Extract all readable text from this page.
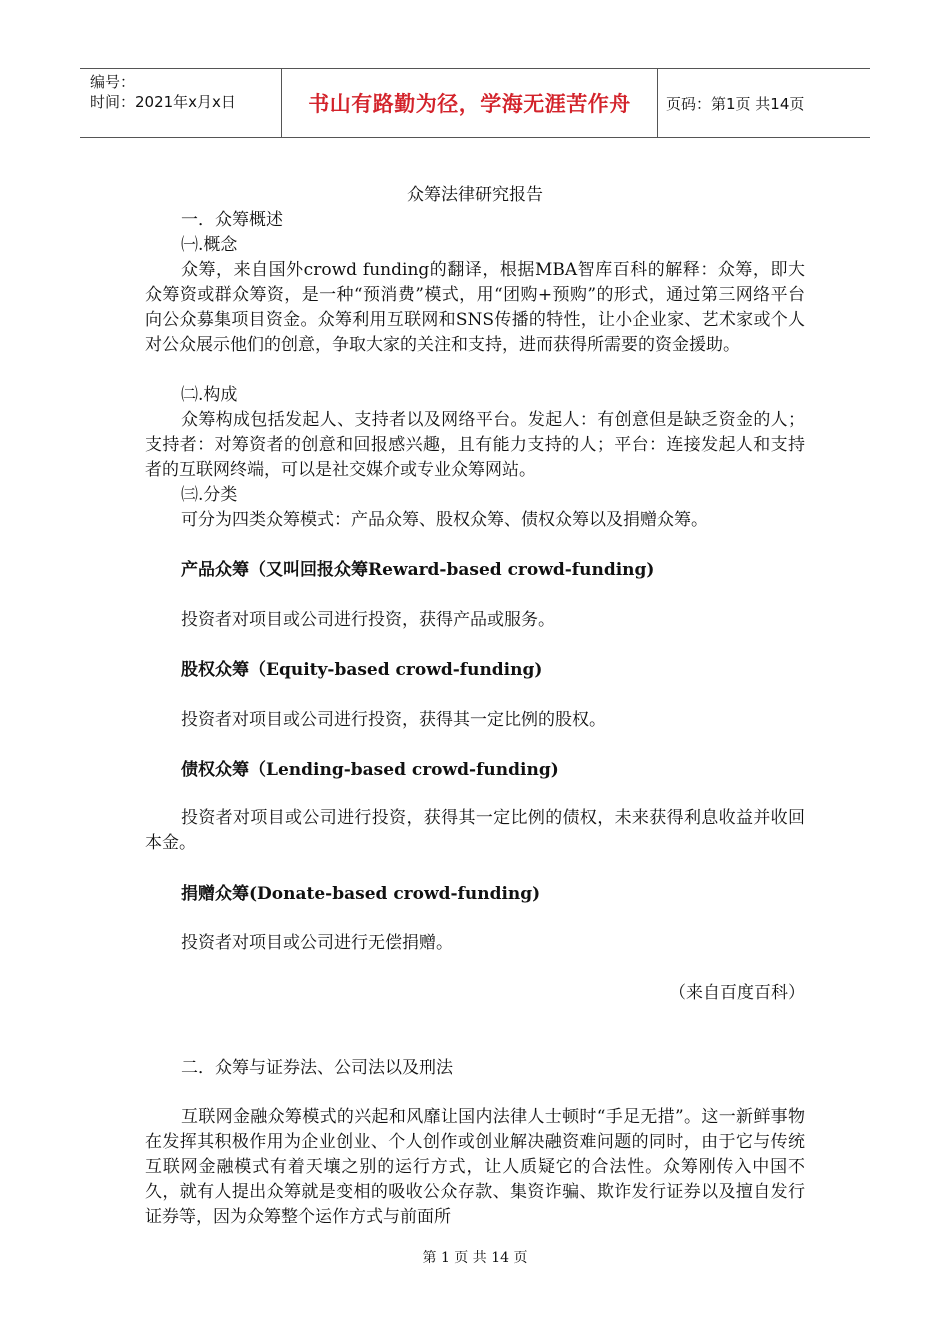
编号：
时间：2021年x月x日	书山有路勤为径，学海无涯苦作舟	页码：第1页 共14页
众筹法律研究报告
一．众筹概述
㈠.概念
众筹，来自国外crowd funding的翻译，根据MBA智库百科的解释：众筹，即大众筹资或群众筹资，是一种“预消费”模式，用“团购+预购”的形式，通过第三网络平台向公众募集项目资金。众筹利用互联网和SNS传播的特性，让小企业家、艺术家或个人对公众展示他们的创意，争取大家的关注和支持，进而获得所需要的资金援助。
㈡.构成
众筹构成包括发起人、支持者以及网络平台。发起人：有创意但是缺乏资金的人；支持者：对筹资者的创意和回报感兴趣，且有能力支持的人；平台：连接发起人和支持者的互联网终端，可以是社交媒介或专业众筹网站。
㈢.分类
可分为四类众筹模式：产品众筹、股权众筹、债权众筹以及捐赠众筹。
产品众筹（又叫回报众筹Reward-based crowd-funding)
投资者对项目或公司进行投资，获得产品或服务。
股权众筹（Equity-based crowd-funding)
投资者对项目或公司进行投资，获得其一定比例的股权。
债权众筹（Lending-based crowd-funding)
投资者对项目或公司进行投资，获得其一定比例的债权，未来获得利息收益并收回本金。
捐赠众筹(Donate-based crowd-funding)
投资者对项目或公司进行无偿捐赠。
（来自百度百科）
二．众筹与证券法、公司法以及刑法
互联网金融众筹模式的兴起和风靡让国内法律人士顿时“手足无措”。这一新鲜事物在发挥其积极作用为企业创业、个人创作或创业解决融资难问题的同时，由于它与传统互联网金融模式有着天壤之别的运行方式，让人质疑它的合法性。众筹刚传入中国不久，就有人提出众筹就是变相的吸收公众存款、集资诈骗、欺诈发行证券以及擅自发行证券等，因为众筹整个运作方式与前面所
第 1 页 共 14 页
